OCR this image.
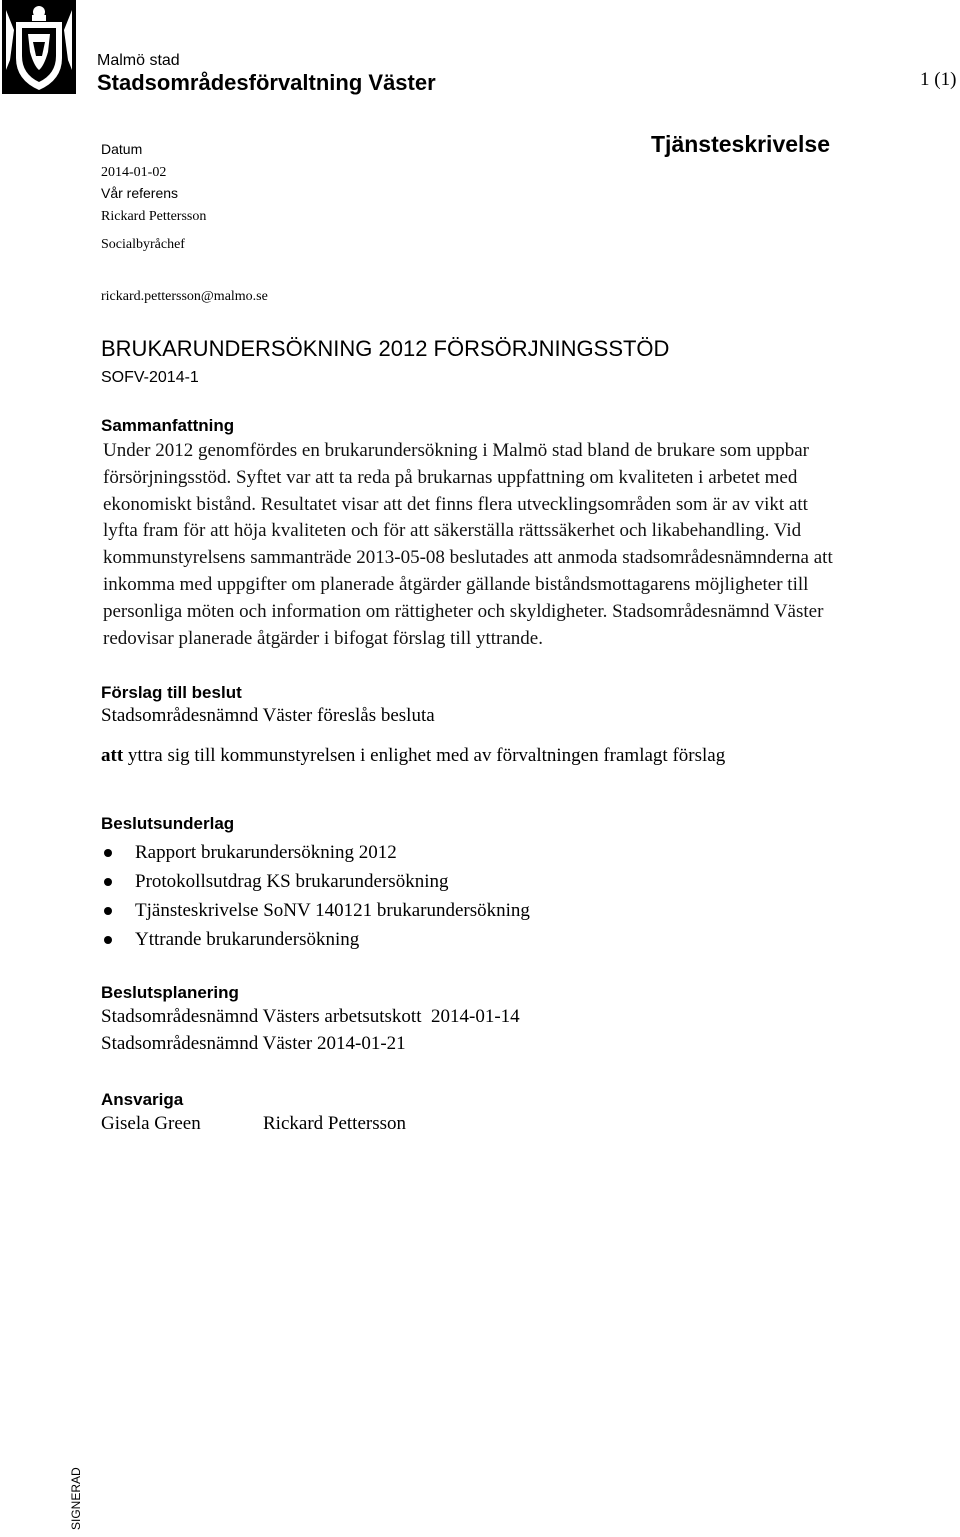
Malmö stad
Stadsområdesförvaltning Väster	1 (1)
Datum
2014-01-02
Vår referens
Rickard Pettersson
Socialbyråchef
rickard.pettersson@malmo.se
Tjänsteskrivelse
BRUKARUNDERSÖKNING 2012 FÖRSÖRJNINGSSTÖD
SOFV-2014-1
Sammanfattning
Under 2012 genomfördes en brukarundersökning i Malmö stad bland de brukare som uppbar
försörjningsstöd. Syftet var att ta reda på brukarnas uppfattning om kvaliteten i arbetet med
ekonomiskt bistånd. Resultatet visar att det finns flera utvecklingsområden som är av vikt att
lyfta fram för att höja kvaliteten och för att säkerställa rättssäkerhet och likabehandling. Vid
kommunstyrelsens sammanträde 2013-05-08 beslutades att anmoda stadsområdesnämnderna att
inkomma med uppgifter om planerade åtgärder gällande biståndsmottagarens möjligheter till
personliga möten och information om rättigheter och skyldigheter. Stadsområdesnämnd Väster
redovisar planerade åtgärder i bifogat förslag till yttrande.
Förslag till beslut
Stadsområdesnämnd Väster föreslås besluta
att yttra sig till kommunstyrelsen i enlighet med av förvaltningen framlagt förslag
Beslutsunderlag
Rapport brukarundersökning 2012
Protokollsutdrag KS brukarundersökning
Tjänsteskrivelse SoNV 140121 brukarundersökning
Yttrande brukarundersökning
Beslutsplanering
Stadsområdesnämnd Västers arbetsutskott  2014-01-14
Stadsområdesnämnd Väster 2014-01-21
Ansvariga
Gisela Green	Rickard Pettersson
SIGNERAD
